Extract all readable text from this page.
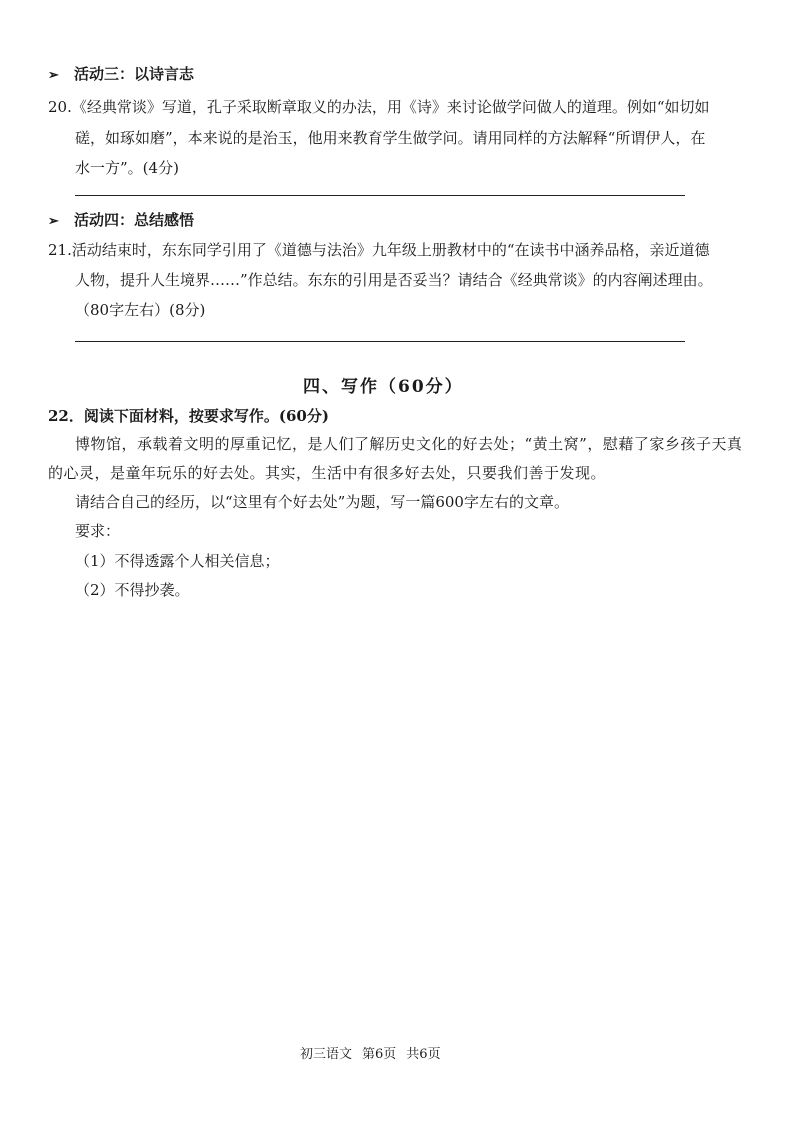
➢ 活动三：以诗言志
20.《经典常谈》写道，孔子采取断章取义的办法，用《诗》来讨论做学问做人的道理。例如“如切如
磋，如琢如磨”，本来说的是治玉，他用来教育学生做学问。请用同样的方法解释“所谓伊人，在
水一方”。(4分)
➢ 活动四：总结感悟
21.活动结束时，东东同学引用了《道德与法治》九年级上册教材中的“在读书中涵养品格，亲近道德
人物，提升人生境界……”作总结。东东的引用是否妥当？请结合《经典常谈》的内容阐述理由。
（80字左右）(8分)
四、写作（60分）
22．阅读下面材料，按要求写作。(60分)
博物馆，承载着文明的厚重记忆，是人们了解历史文化的好去处；“黄土窝”，慰藉了家乡孩子天真
的心灵，是童年玩乐的好去处。其实，生活中有很多好去处，只要我们善于发现。
请结合自己的经历，以“这里有个好去处”为题，写一篇600字左右的文章。
要求：
（1）不得透露个人相关信息；
（2）不得抄袭。
初三语文 第6页 共6页
